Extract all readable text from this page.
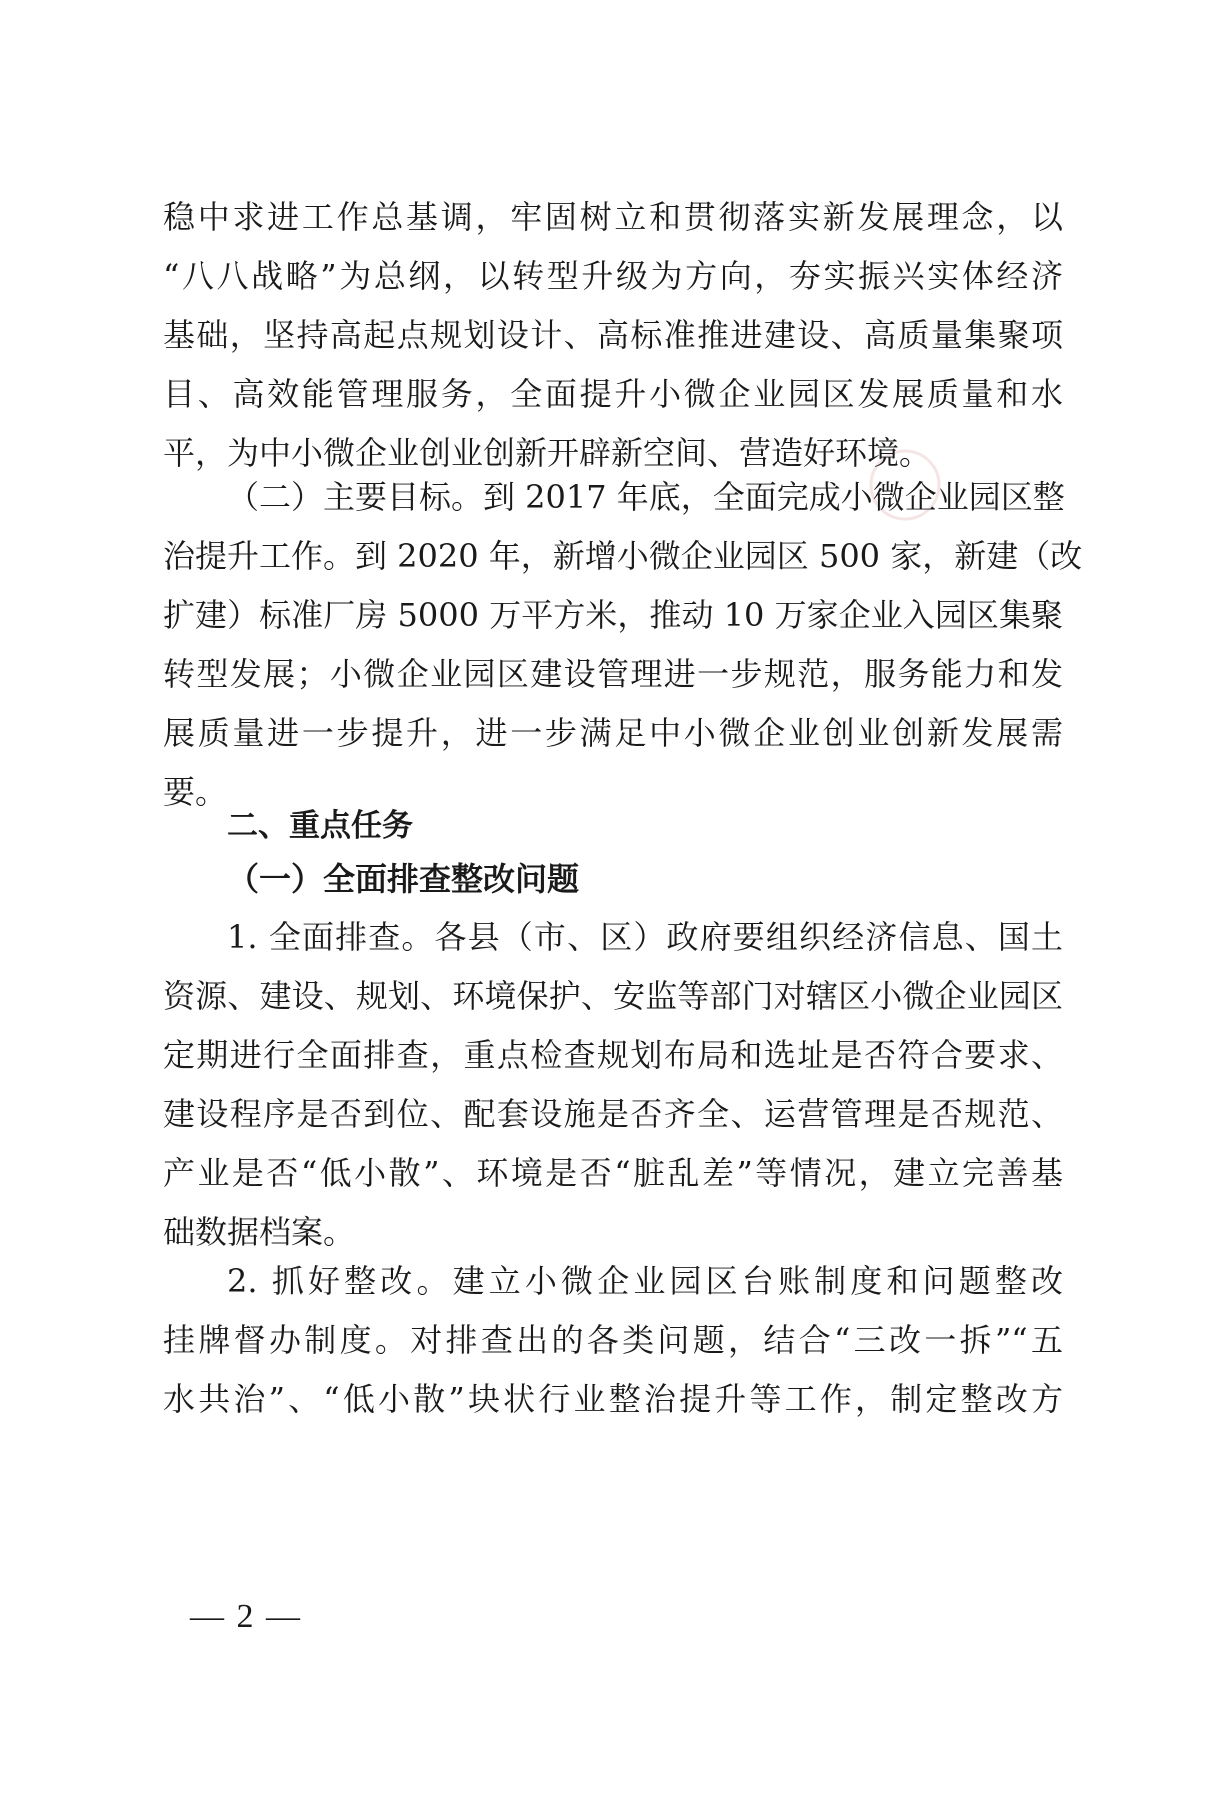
稳中求进工作总基调，牢固树立和贯彻落实新发展理念，以
“八八战略”为总纲，以转型升级为方向，夯实振兴实体经济
基础，坚持高起点规划设计、高标准推进建设、高质量集聚项
目、高效能管理服务，全面提升小微企业园区发展质量和水
平，为中小微企业创业创新开辟新空间、营造好环境。
（二）主要目标。到 2017 年底，全面完成小微企业园区整
治提升工作。到 2020 年，新增小微企业园区 500 家，新建（改
扩建）标准厂房 5000 万平方米，推动 10 万家企业入园区集聚
转型发展；小微企业园区建设管理进一步规范，服务能力和发
展质量进一步提升，进一步满足中小微企业创业创新发展需
要。
二、重点任务
（一）全面排查整改问题
1. 全面排查。各县（市、区）政府要组织经济信息、国土
资源、建设、规划、环境保护、安监等部门对辖区小微企业园区
定期进行全面排查，重点检查规划布局和选址是否符合要求、
建设程序是否到位、配套设施是否齐全、运营管理是否规范、
产业是否“低小散”、环境是否“脏乱差”等情况，建立完善基
础数据档案。
2. 抓好整改。建立小微企业园区台账制度和问题整改
挂牌督办制度。对排查出的各类问题，结合“三改一拆”“五
水共治”、“低小散”块状行业整治提升等工作，制定整改方
— 2 —
